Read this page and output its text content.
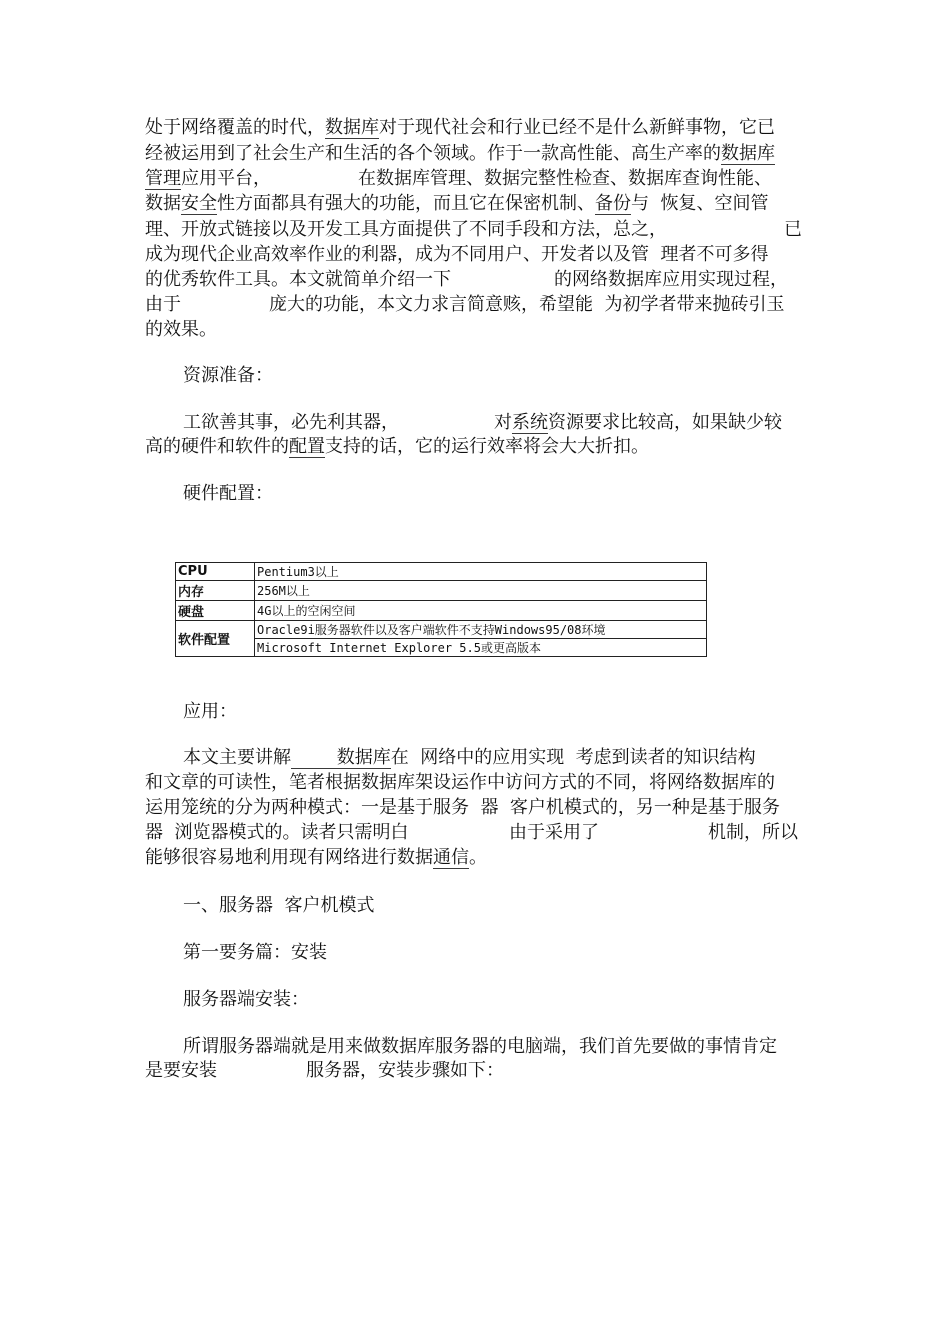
处于网络覆盖的时代，数据库对于现代社会和行业已经不是什么新鲜事物，它已
经被运用到了社会生产和生活的各个领域。作于一款高性能、高生产率的数据库
管理应用平台，	在数据库管理、数据完整性检查、数据库查询性能、
数据安全性方面都具有强大的功能，而且它在保密机制、备份与  恢复、空间管
理、开放式链接以及开发工具方面提供了不同手段和方法，总之，	已
成为现代企业高效率作业的利器，成为不同用户、开发者以及管  理者不可多得
的优秀软件工具。本文就简单介绍一下	的网络数据库应用实现过程，
由于	庞大的功能，本文力求言简意赅，希望能  为初学者带来抛砖引玉
的效果。
资源准备：
工欲善其事，必先利其器，	对系统资源要求比较高，如果缺少较
高的硬件和软件的配置支持的话，它的运行效率将会大大折扣。
硬件配置：
CPU	Pentium3以上
内存	256M以上
硬盘	4G以上的空闲空间
软件配置	Oracle9i服务器软件以及客户端软件不支持Windows95/08环境
	Microsoft Internet Explorer 5.5或更高版本
应用：
本文主要讲解        数据库在  网络中的应用实现  考虑到读者的知识结构
和文章的可读性，笔者根据数据库架设运作中访问方式的不同，将网络数据库的
运用笼统的分为两种模式：一是基于服务  器  客户机模式的，另一种是基于服务
器  浏览器模式的。读者只需明白	由于采用了	机制，所以
能够很容易地利用现有网络进行数据通信。
一、服务器  客户机模式
第一要务篇：安装
服务器端安装：
所谓服务器端就是用来做数据库服务器的电脑端，我们首先要做的事情肯定
是要安装	服务器，安装步骤如下：
